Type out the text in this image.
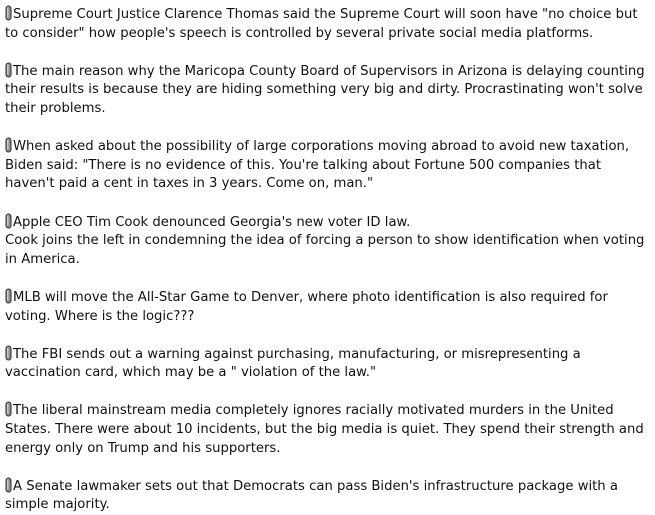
Supreme Court Justice Clarence Thomas said the Supreme Court will soon have "no choice but to consider" how people's speech is controlled by several private social media platforms.
The main reason why the Maricopa County Board of Supervisors in Arizona is delaying counting their results is because they are hiding something very big and dirty. Procrastinating won't solve their problems.
When asked about the possibility of large corporations moving abroad to avoid new taxation, Biden said: "There is no evidence of this. You're talking about Fortune 500 companies that haven't paid a cent in taxes in 3 years. Come on, man."
Apple CEO Tim Cook denounced Georgia's new voter ID law.
Cook joins the left in condemning the idea of forcing a person to show identification when voting in America.
MLB will move the All-Star Game to Denver, where photo identification is also required for voting. Where is the logic???
The FBI sends out a warning against purchasing, manufacturing, or misrepresenting a vaccination card, which may be a " violation of the law."
The liberal mainstream media completely ignores racially motivated murders in the United States. There were about 10 incidents, but the big media is quiet. They spend their strength and energy only on Trump and his supporters.
A Senate lawmaker sets out that Democrats can pass Biden's infrastructure package with a simple majority.
